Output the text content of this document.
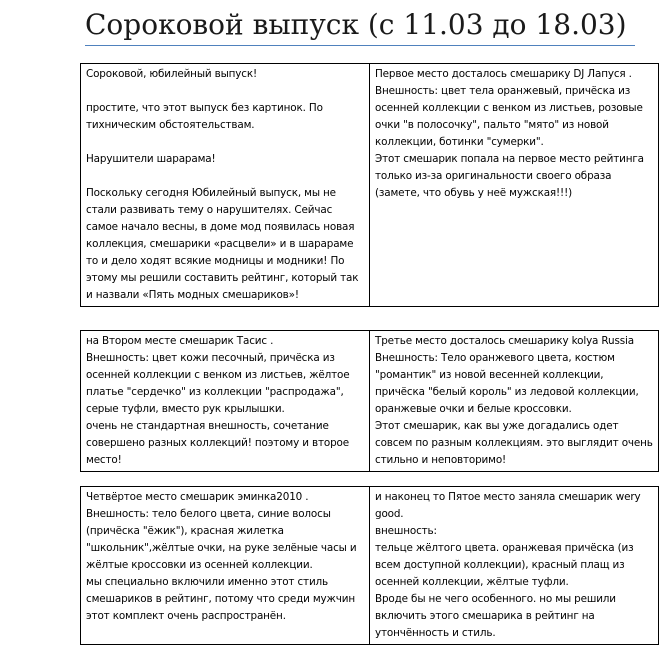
Сороковой выпуск (с 11.03 до 18.03)

Сороковой, юбилейный выпуск!

простите, что этот выпуск без картинок. По тихническим обстоятельствам.

Нарушители шарарама!

Поскольку сегодня Юбилейный выпуск, мы не стали развивать тему о нарушителях. Сейчас самое начало весны, в доме мод появилась новая коллекция, смешарики «расцвели» и в шарараме то и дело ходят всякие модницы и модники! По этому мы решили составить рейтинг, который так и назвали «Пять модных смешариков»!

Первое место досталось смешарику DJ Лапуся .

Внешность: цвет тела оранжевый, причёска из осенней коллекции с венком из листьев, розовые очки "в полосочку", пальто "мято" из новой коллекции, ботинки "сумерки".

Этот смешарик попала на первое место рейтинга только из-за оригинальности своего образа (замете, что обувь у неё мужская!!!)

на Втором месте смешарик Тасис .

Внешность: цвет кожи песочный, причёска из осенней коллекции с венком из листьев, жёлтое платье "сердечко" из коллекции "распродажа", серые туфли, вместо рук крылышки.

очень не стандартная внешность, сочетание совершено разных коллекций! поэтому и второе место!

Третье место досталось смешарику kolya Russia

Внешность: Тело оранжевого цвета, костюм "романтик" из новой весенней коллекции, причёска "белый король" из ледовой коллекции, оранжевые очки и белые кроссовки.

Этот смешарик, как вы уже догадались одет совсем по разным коллекциям. это выглядит очень стильно и неповторимо!

Четвёртое место смешарик эминка2010 .

Внешность: тело белого цвета, синие волосы (причёска "ёжик"), красная жилетка "школьник",жёлтые очки, на руке зелёные часы и жёлтые кроссовки из осенней коллекции.

мы специально включили именно этот стиль смешариков в рейтинг, потому что среди мужчин этот комплект очень распространён.

и наконец то Пятое место заняла смешарик wery good.

внешность:

тельце жёлтого цвета. оранжевая причёска (из всем доступной коллекции), красный плащ из осенней коллекции, жёлтые туфли.

Вроде бы не чего особенного. но мы решили включить этого смешарика в рейтинг на утончённость и стиль.
